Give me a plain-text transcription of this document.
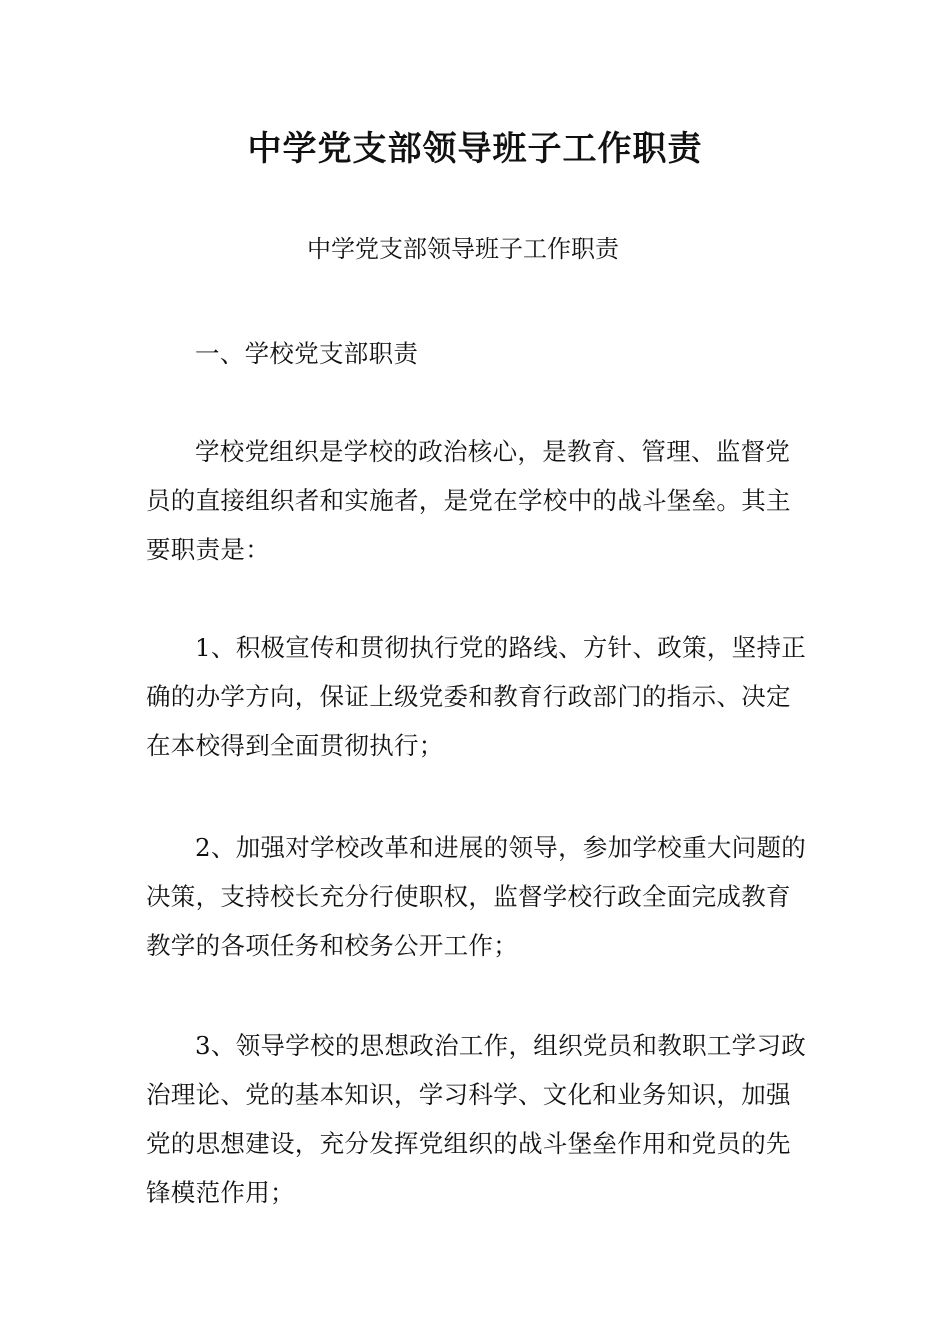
中学党支部领导班子工作职责

中学党支部领导班子工作职责

一、学校党支部职责

学校党组织是学校的政治核心，是教育、管理、监督党员的直接组织者和实施者，是党在学校中的战斗堡垒。其主要职责是：

1、积极宣传和贯彻执行党的路线、方针、政策，坚持正确的办学方向，保证上级党委和教育行政部门的指示、决定在本校得到全面贯彻执行；

2、加强对学校改革和进展的领导，参加学校重大问题的决策，支持校长充分行使职权，监督学校行政全面完成教育教学的各项任务和校务公开工作；

3、领导学校的思想政治工作，组织党员和教职工学习政治理论、党的基本知识，学习科学、文化和业务知识，加强党的思想建设，充分发挥党组织的战斗堡垒作用和党员的先锋模范作用；
